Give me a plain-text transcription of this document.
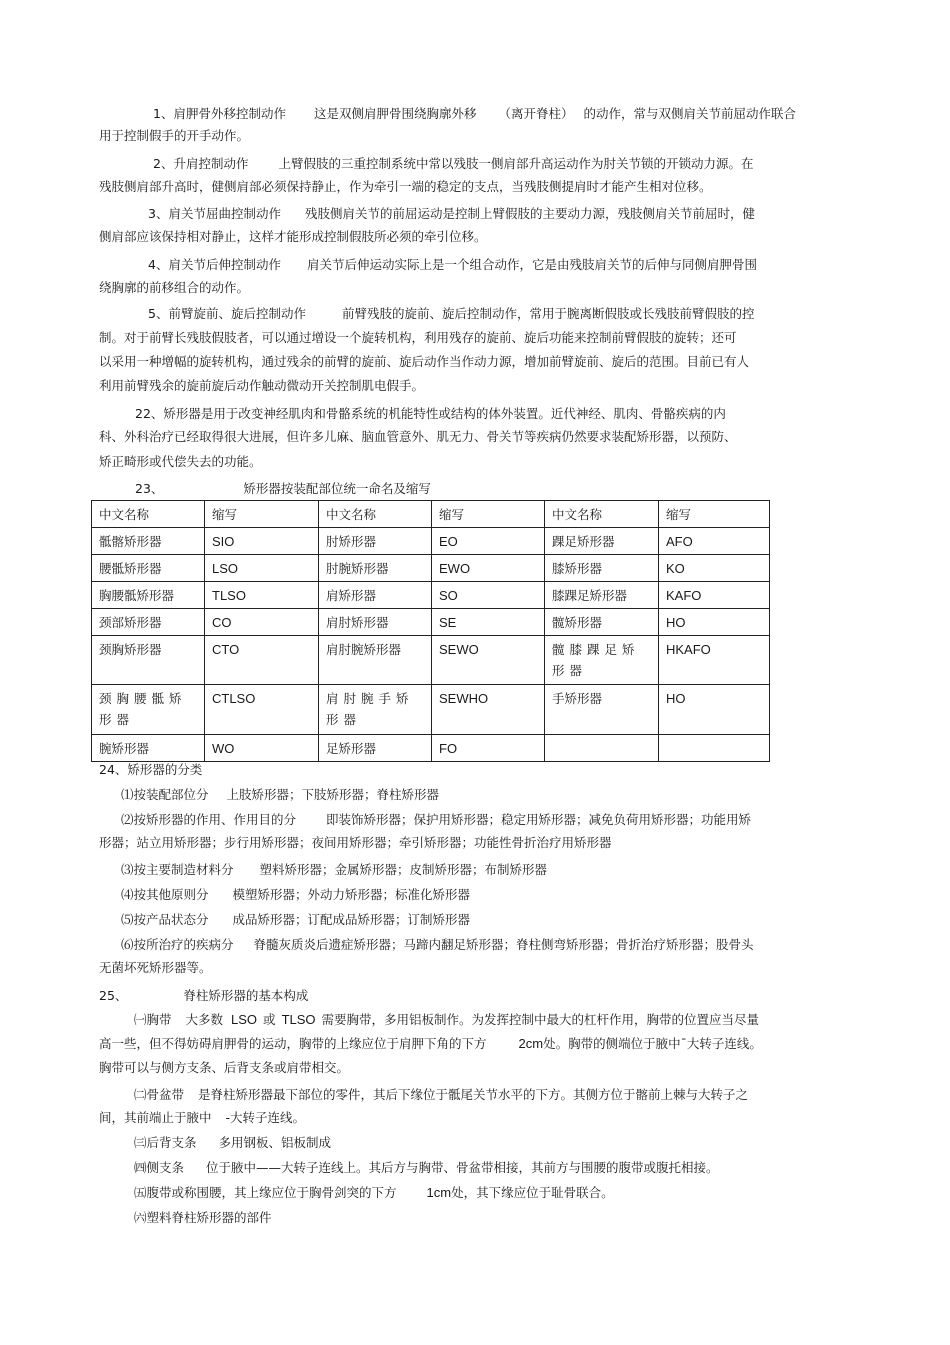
1、肩胛骨外移控制动作 这是双侧肩胛骨围绕胸廓外移 （离开脊柱） 的动作，常与双侧肩关节前屈动作联合
用于控制假手的开手动作。
2、升肩控制动作 上臂假肢的三重控制系统中常以残肢一侧肩部升高运动作为肘关节锁的开锁动力源。在
残肢侧肩部升高时，健侧肩部必须保持静止，作为牵引一端的稳定的支点，当残肢侧提肩时才能产生相对位移。
3、肩关节屈曲控制动作 残肢侧肩关节的前屈运动是控制上臂假肢的主要动力源，残肢侧肩关节前屈时，健
侧肩部应该保持相对静止，这样才能形成控制假肢所必须的牵引位移。
4、肩关节后伸控制动作 肩关节后伸运动实际上是一个组合动作，它是由残肢肩关节的后伸与同侧肩胛骨围
绕胸廓的前移组合的动作。
5、前臂旋前、旋后控制动作	前臂残肢的旋前、旋后控制动作，常用于腕离断假肢或长残肢前臂假肢的控
制。对于前臂长残肢假肢者，可以通过增设一个旋转机构，利用残存的旋前、旋后功能来控制前臂假肢的旋转；还可
以采用一种增幅的旋转机构，通过残余的前臂的旋前、旋后动作当作动力源，增加前臂旋前、旋后的范围。目前已有人
利用前臂残余的旋前旋后动作触动微动开关控制肌电假手。
22、矫形器是用于改变神经肌肉和骨骼系统的机能特性或结构的体外装置。近代神经、肌肉、骨骼疾病的内
科、外科治疗已经取得很大进展，但许多儿麻、脑血管意外、肌无力、骨关节等疾病仍然要求装配矫形器，以预防、
矫正畸形或代偿失去的功能。
23、	矫形器按装配部位统一命名及缩写
中文名称	缩写	中文名称	缩写	中文名称	缩写
骶髂矫形器	SIO	肘矫形器	EO	踝足矫形器	AFO
腰骶矫形器	LSO	肘腕矫形器	EWO	膝矫形器	KO
胸腰骶矫形器	TLSO	肩矫形器	SO	膝踝足矫形器	KAFO
颈部矫形器	CO	肩肘矫形器	SE	髋矫形器	HO
颈胸矫形器	CTO	肩肘腕矫形器	SEWO	髋膝踝足矫形器	HKAFO
颈胸腰骶矫形器	CTLSO	肩肘腕手矫形器	SEWHO	手矫形器	HO
腕矫形器	WO	足矫形器	FO		
24、矫形器的分类
⑴按装配部位分 上肢矫形器；下肢矫形器；脊柱矫形器
⑵按矫形器的作用、作用目的分 即装饰矫形器；保护用矫形器；稳定用矫形器；减免负荷用矫形器；功能用矫
形器；站立用矫形器；步行用矫形器；夜间用矫形器；牵引矫形器；功能性骨折治疗用矫形器
⑶按主要制造材料分 塑料矫形器；金属矫形器；皮制矫形器；布制矫形器
⑷按其他原则分 模塑矫形器；外动力矫形器；标准化矫形器
⑸按产品状态分 成品矫形器；订配成品矫形器；订制矫形器
⑹按所治疗的疾病分 脊髓灰质炎后遗症矫形器；马蹄内翻足矫形器；脊柱侧弯矫形器；骨折治疗矫形器；股骨头
无菌坏死矫形器等。
25、	脊柱矫形器的基本构成
㈠胸带 大多数 LSO 或 TLSO 需要胸带，多用铝板制作。为发挥控制中最大的杠杆作用，胸带的位置应当尽量
高一些，但不得妨碍肩胛骨的运动，胸带的上缘应位于肩胛下角的下方 2cm处。胸带的侧端位于腋中¯大转子连线。
胸带可以与侧方支条、后背支条或肩带相交。
㈡骨盆带 是脊柱矫形器最下部位的零件，其后下缘位于骶尾关节水平的下方。其侧方位于髂前上棘与大转子之
间，其前端止于腋中 -大转子连线。
㈢后背支条 多用钢板、铝板制成
㈣侧支条 位于腋中——大转子连线上。其后方与胸带、骨盆带相接，其前方与围腰的腹带或腹托相接。
㈤腹带或称围腰，其上缘应位于胸骨剑突的下方 1cm处，其下缘应位于耻骨联合。
㈥塑料脊柱矫形器的部件
